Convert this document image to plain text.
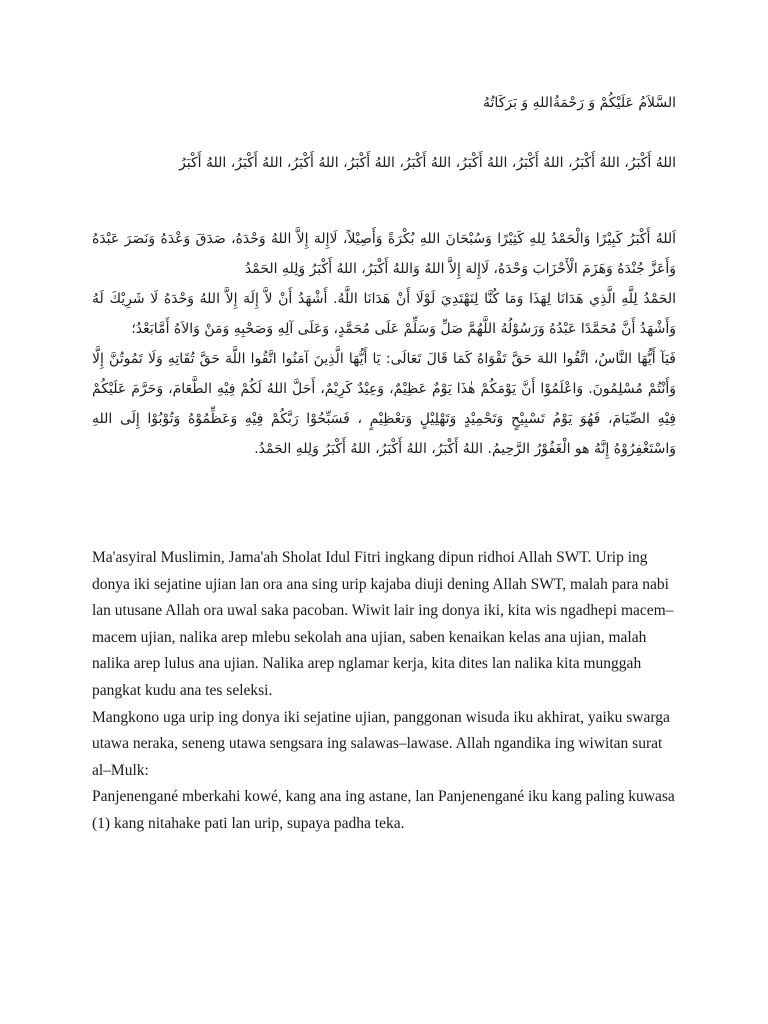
السَّلاَمُ عَلَيْكُمْ وَ رَحْمَةُاللهِ وَ بَرَكَاتُهُ
اللهُ أَكْبَرُ، اللهُ أَكْبَرُ، اللهُ أَكْبَرُ، اللهُ أَكْبَرُ، اللهُ أَكْبَرُ، اللهُ أَكْبَرُ، اللهُ أَكْبَرُ، اللهُ أَكْبَرُ، اللهُ أَكْبَرُ

اَللهُ أَكْبَرُ كَبِيْرًا وَالْحَمْدُ لِلهِ كَثِيْرًا وَسُبْحَانَ اللهِ بُكْرَةً وَأَصِيْلاً، لَاإِلهَ إِلاَّ اللهُ وَحْدَهُ، صَدَقَ وَعْدَهُ وَنَصَرَ عَبْدَهُ وَأَعَزَّ جُنْدَهُ وَهَزَمَ الْأَحْزَابَ وَحْدَهُ، لَاإِلهَ إِلاَّ اللهُ وَاللهُ أَكْبَرُ، اللهُ أَكْبَرُ وَلِلهِ الحَمْدُ

الحَمْدُ لِلَّهِ الَّذِي هَدَانَا لِهَذَا وَمَا كُنَّا لِنَهْتَدِيَ لَوْلَا أَنْ هَدَانَا اللَّهُ. أَشْهَدُ أَنْ لاَّ إِلَهَ إِلاَّ اللهُ وَحْدَهُ لَا شَرِيْكَ لَهُ وَأَشْهَدُ أَنَّ مُحَمَّدًا عَبْدُهُ وَرَسُوْلُهُ اللَّهُمَّ صَلِّ وَسَلِّمْ عَلَى مُحَمَّدٍ، وَعَلَى آلِهِ وَصَحْبِهِ وَمَنْ وَالاَهُ أَمَّابَعْدُ؛

فَيَآ أَيُّهَا النَّاسُ، اتَّقُوا اللهَ حَقَّ تَقْوَاهُ كَمَا قَالَ تَعَالَى: يَا أَيُّهَا الَّذِينَ آمَنُوا اتَّقُوا اللَّهَ حَقَّ تُقَاتِهِ وَلَا تَمُوتُنَّ إِلَّا وَأَنْتُمْ مُسْلِمُونَ. وَاعْلَمُوْا أَنَّ يَوْمَكُمْ هٰذَا يَوْمٌ عَظِيْمٌ، وَعِيْدٌ كَرِيْمٌ، أَحَلَّ اللهُ لَكُمْ فِيْهِ الطَّعَامَ، وَحَرَّمَ عَلَيْكُمْ فِيْهِ الصِّيَامَ، فَهُوَ يَوْمُ تَسْبِيْحٍ وَتَحْمِيْدٍ وَتَهْلِيْلٍ وَتعْظِيْمٍ ، فَسَبِّحُوْا رَبَّكُمْ فِيْهِ وَعَظِّمُوْهُ وَتُوْبُوْا إِلَى اللهِ وَاسْتَغْفِرُوْهُ إِنَّهُ هو الْغَفُوْرُ الرَّحِيمُ. اللهُ أَكْبَرُ، اللهُ أَكْبَرُ، اللهُ أَكْبَرُ وَلِلهِ الحَمْدُ.

Ma'asyiral Muslimin, Jama'ah Sholat Idul Fitri ingkang dipun ridhoi Allah SWT. Urip ing donya iki sejatine ujian lan ora ana sing urip kajaba diuji dening Allah SWT, malah para nabi lan utusane Allah ora uwal saka pacoban. Wiwit lair ing donya iki, kita wis ngadhepi macem–macem ujian, nalika arep mlebu sekolah ana ujian, saben kenaikan kelas ana ujian, malah nalika arep lulus ana ujian. Nalika arep nglamar kerja, kita dites lan nalika kita munggah pangkat kudu ana tes seleksi.

Mangkono uga urip ing donya iki sejatine ujian, panggonan wisuda iku akhirat, yaiku swarga utawa neraka, seneng utawa sengsara ing salawas–lawase. Allah ngandika ing wiwitan surat al–Mulk:

Panjenengané mberkahi kowé, kang ana ing astane, lan Panjenengané iku kang paling kuwasa (1) kang nitahake pati lan urip, supaya padha teka.
